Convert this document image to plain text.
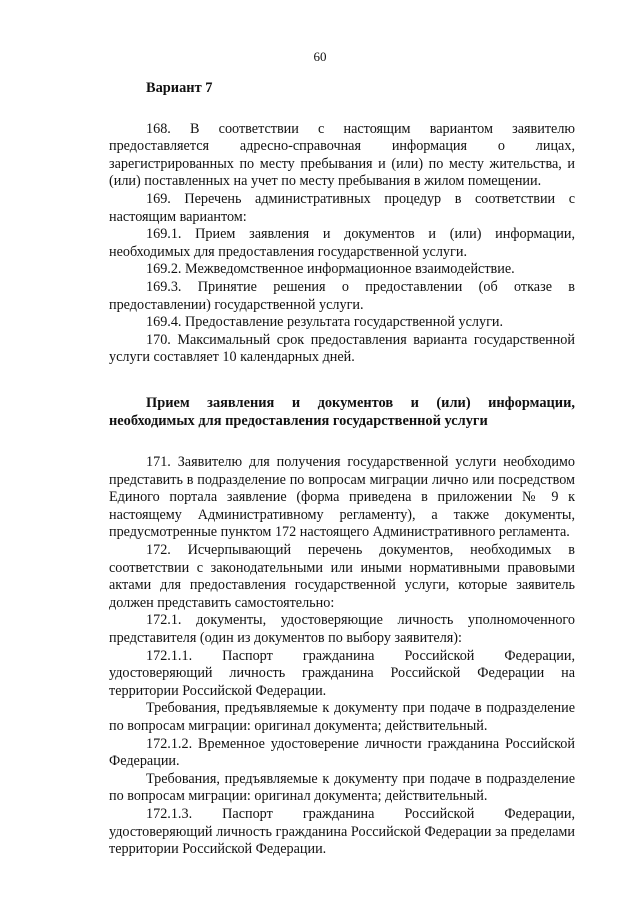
60
Вариант 7

168. В соответствии с настоящим вариантом заявителю предоставляется адресно-справочная информация о лицах, зарегистрированных по месту пребывания и (или) по месту жительства, и (или) поставленных на учет по месту пребывания в жилом помещении.

169. Перечень административных процедур в соответствии с настоящим вариантом:

169.1. Прием заявления и документов и (или) информации, необходимых для предоставления государственной услуги.

169.2. Межведомственное информационное взаимодействие.

169.3. Принятие решения о предоставлении (об отказе в предоставлении) государственной услуги.

169.4. Предоставление результата государственной услуги.

170. Максимальный срок предоставления варианта государственной услуги составляет 10 календарных дней.

Прием заявления и документов и (или) информации, необходимых для предоставления государственной услуги

171. Заявителю для получения государственной услуги необходимо представить в подразделение по вопросам миграции лично или посредством Единого портала заявление (форма приведена в приложении № 9 к настоящему Административному регламенту), а также документы, предусмотренные пунктом 172 настоящего Административного регламента.

172. Исчерпывающий перечень документов, необходимых в соответствии с законодательными или иными нормативными правовыми актами для предоставления государственной услуги, которые заявитель должен представить самостоятельно:

172.1. документы, удостоверяющие личность уполномоченного представителя (один из документов по выбору заявителя):

172.1.1. Паспорт гражданина Российской Федерации, удостоверяющий личность гражданина Российской Федерации на территории Российской Федерации.

Требования, предъявляемые к документу при подаче в подразделение по вопросам миграции: оригинал документа; действительный.

172.1.2. Временное удостоверение личности гражданина Российской Федерации.

Требования, предъявляемые к документу при подаче в подразделение по вопросам миграции: оригинал документа; действительный.

172.1.3. Паспорт гражданина Российской Федерации, удостоверяющий личность гражданина Российской Федерации за пределами территории Российской Федерации.
